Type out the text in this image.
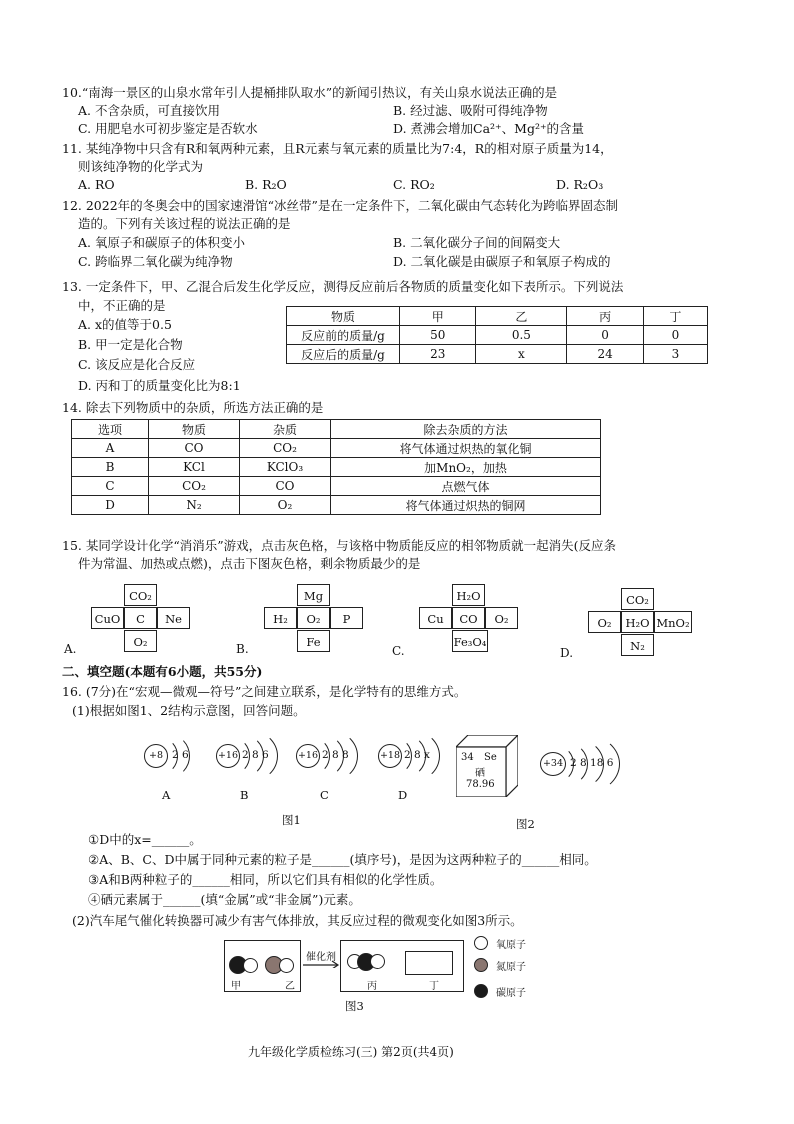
10.“南海一景区的山泉水常年引人提桶排队取水”的新闻引热议，有关山泉水说法正确的是
A. 不含杂质，可直接饮用	B. 经过滤、吸附可得纯净物
C. 用肥皂水可初步鉴定是否软水	D. 煮沸会增加Ca²⁺、Mg²⁺的含量
11. 某纯净物中只含有R和氧两种元素，且R元素与氧元素的质量比为7:4，R的相对原子质量为14，
则该纯净物的化学式为
A. RO	B. R₂O	C. RO₂	D. R₂O₃
12. 2022年的冬奥会中的国家速滑馆“冰丝带”是在一定条件下，二氧化碳由气态转化为跨临界固态制
造的。下列有关该过程的说法正确的是
A. 氧原子和碳原子的体积变小	B. 二氧化碳分子间的间隔变大
C. 跨临界二氧化碳为纯净物	D. 二氧化碳是由碳原子和氧原子构成的
13. 一定条件下，甲、乙混合后发生化学反应，测得反应前后各物质的质量变化如下表所示。下列说法
中，不正确的是
A. x的值等于0.5
B. 甲一定是化合物
C. 该反应是化合反应
D. 丙和丁的质量变化比为8:1
物质	甲	乙	丙	丁
反应前的质量/g	50	0.5	0	0
反应后的质量/g	23	x	24	3
14. 除去下列物质中的杂质，所选方法正确的是
选项	物质	杂质	除去杂质的方法
A	CO	CO₂	将气体通过炽热的氧化铜
B	KCl	KClO₃	加MnO₂，加热
C	CO₂	CO	点燃气体
D	N₂	O₂	将气体通过炽热的铜网
15. 某同学设计化学“消消乐”游戏，点击灰色格，与该格中物质能反应的相邻物质就一起消失(反应条
件为常温、加热或点燃)，点击下图灰色格，剩余物质最少的是
A.
CO₂
CuO	C	Ne
O₂	B.
Mg
H₂	O₂	P
Fe
C.
H₂O
Cu	CO	O₂
Fe₃O₄
D.
CO₂
O₂	H₂O MnO₂
N₂
二、填空题(本题有6小题，共55分)
16. (7分)在“宏观—微观—符号”之间建立联系，是化学特有的思维方式。
(1)根据如图1、2结构示意图，回答问题。
+8 2 6
A
+16 2 8 6
B
+16 2 8 8
C
+18 2 8 x
D
图1
34 Se
硒
78.96
+34 2 8 18 6
图2
①D中的x=______。
②A、B、C、D中属于同种元素的粒子是______(填序号)，是因为这两种粒子的______相同。
③A和B两种粒子的______相同，所以它们具有相似的化学性质。
④硒元素属于______(填“金属”或“非金属”)元素。
(2)汽车尾气催化转换器可减少有害气体排放，其反应过程的微观变化如图3所示。
甲	乙
催化剂
丙	丁
氧原子
氮原子
碳原子
图3
九年级化学质检练习(三) 第2页(共4页)
